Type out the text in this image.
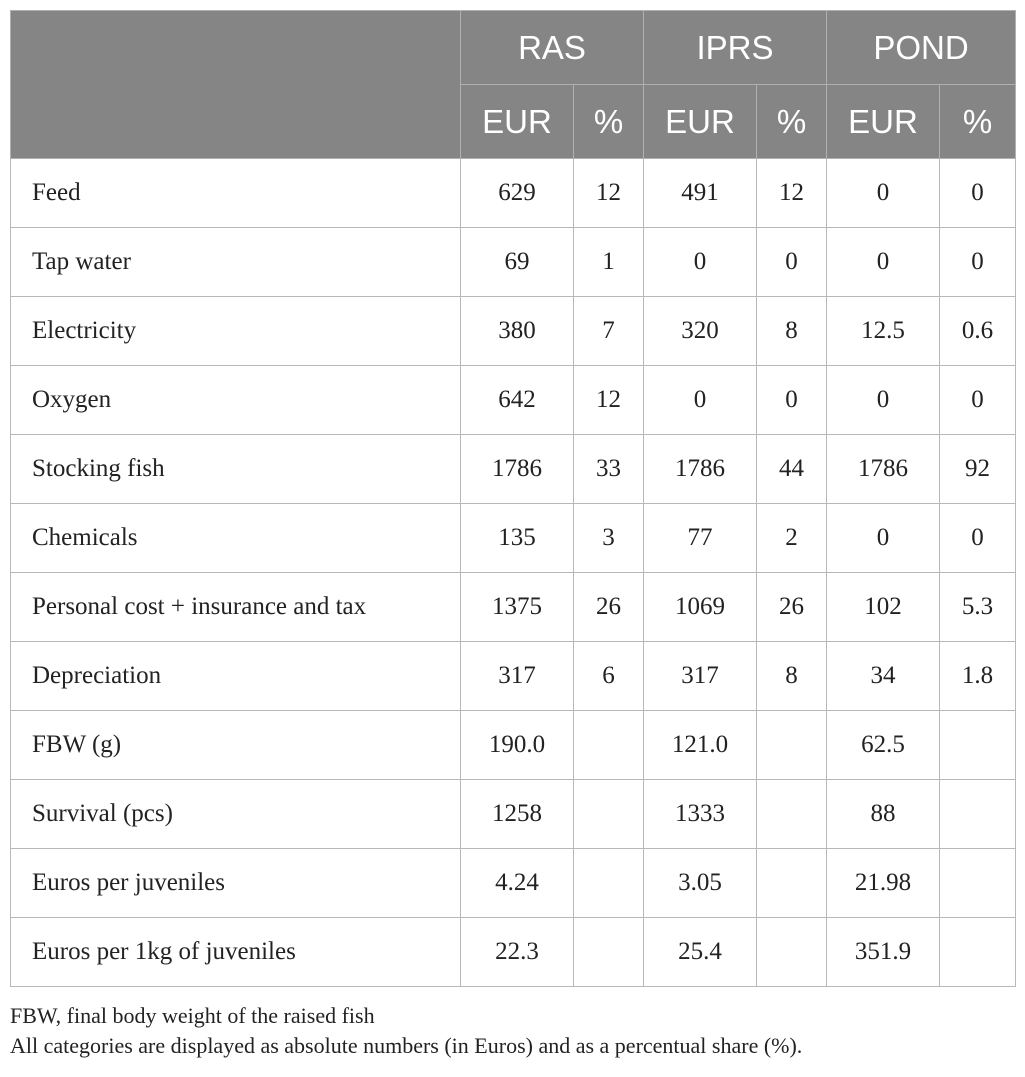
	RAS		IPRS		POND	
	EUR	%	EUR	%	EUR	%
Feed	629	12	491	12	0	0
Tap water	69	1	0	0	0	0
Electricity	380	7	320	8	12.5	0.6
Oxygen	642	12	0	0	0	0
Stocking fish	1786	33	1786	44	1786	92
Chemicals	135	3	77	2	0	0
Personal cost + insurance and tax	1375	26	1069	26	102	5.3
Depreciation	317	6	317	8	34	1.8
FBW (g)	190.0		121.0		62.5	
Survival (pcs)	1258		1333		88	
Euros per juveniles	4.24		3.05		21.98	
Euros per 1kg of juveniles	22.3		25.4		351.9	
FBW, final body weight of the raised fish
All categories are displayed as absolute numbers (in Euros) and as a percentual share (%).
